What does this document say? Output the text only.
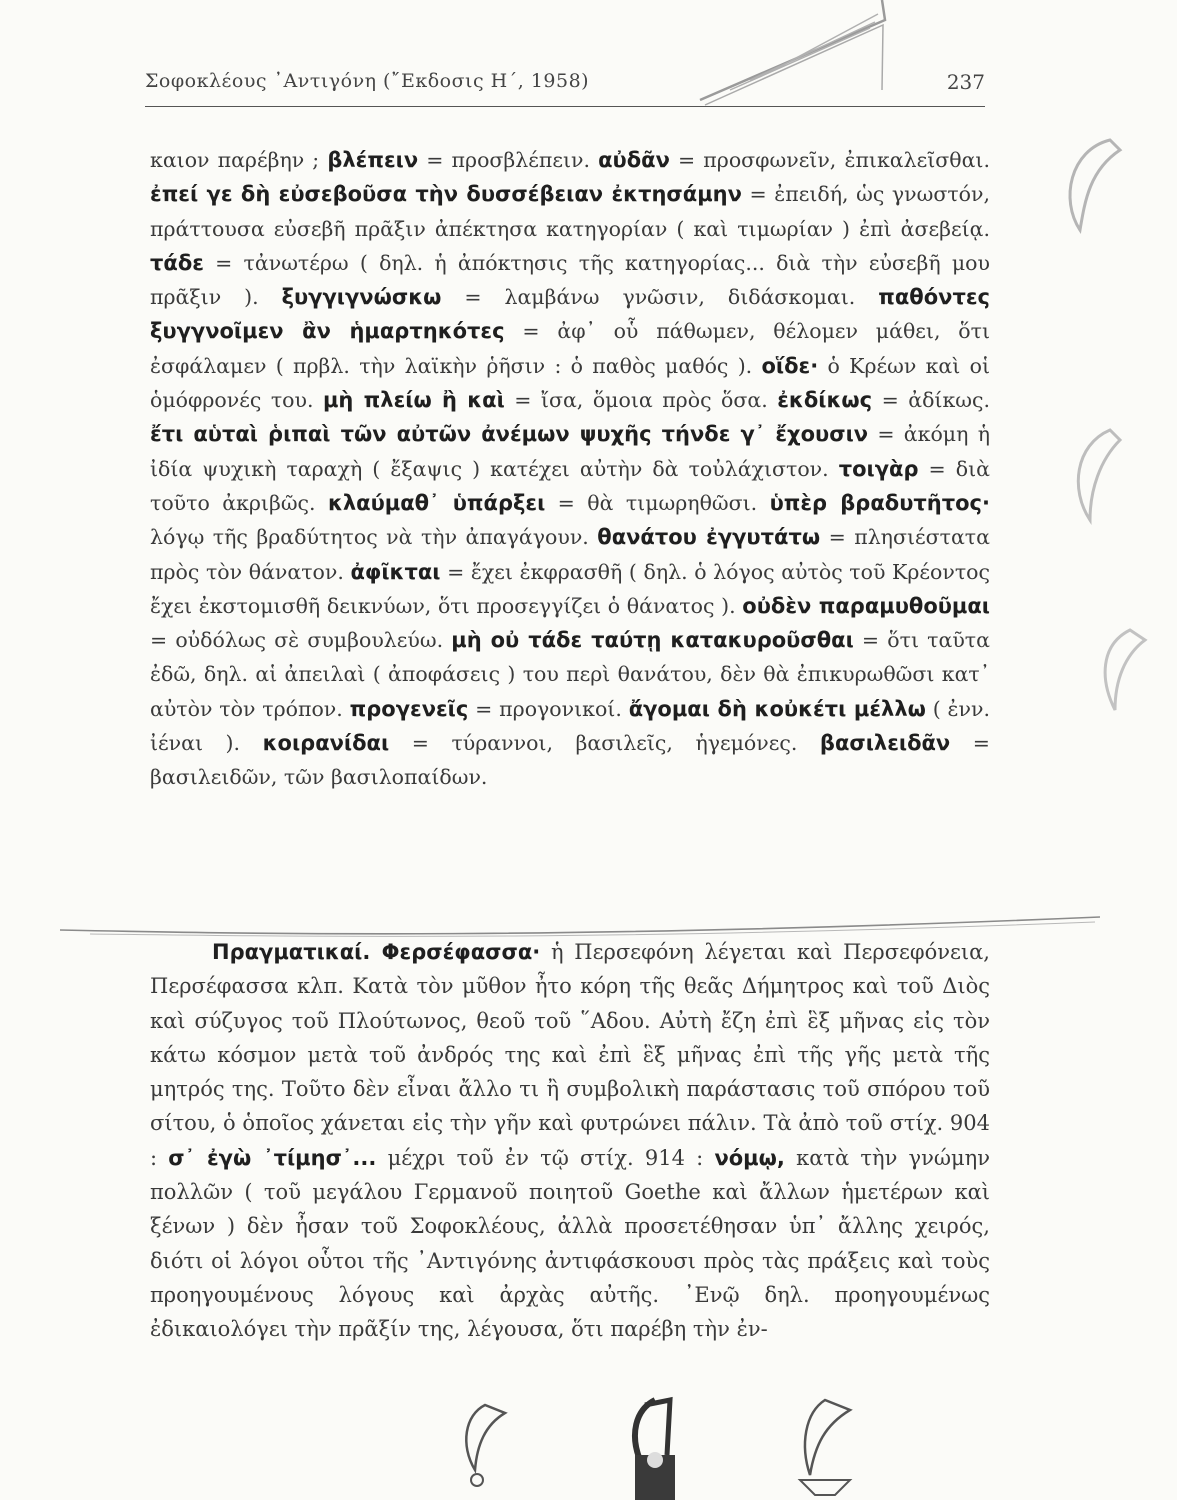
Σοφοκλέους ᾿Αντιγόνη (῎Εκδοσις Η΄, 1958)	237

καιον παρέβην ; βλέπειν = προσβλέπειν. αὐδᾶν = προσφωνεῖν, ἐπικαλεῖσθαι. ἐπεί γε δὴ εὐσεβοῦσα τὴν δυσσέβειαν ἐκτησάμην = ἐπειδή, ὡς γνωστόν, πράττουσα εὐσεβῆ πρᾶξιν ἀπέκτησα κατηγορίαν ( καὶ τιμωρίαν ) ἐπὶ ἀσεβείᾳ. τάδε = τἀνωτέρω ( δηλ. ἡ ἀπόκτησις τῆς κατηγορίας... διὰ τὴν εὐσεβῆ μου πρᾶξιν ). ξυγγιγνώσκω = λαμβάνω γνῶσιν, διδάσκομαι. παθόντες ξυγγνοῖμεν ἂν ἡμαρτηκότες = ἀφ᾿ οὗ πάθωμεν, θέλομεν μάθει, ὅτι ἐσφάλαμεν ( πρβλ. τὴν λαϊκὴν ῥῆσιν : ὁ παθὸς μαθός ). οἵδε· ὁ Κρέων καὶ οἱ ὁμόφρονές του. μὴ πλείω ἢ καὶ = ἴσα, ὅμοια πρὸς ὅσα. ἐκδίκως = ἀδίκως. ἔτι αὑταὶ ῥιπαὶ τῶν αὐτῶν ἀνέμων ψυχῆς τήνδε γ᾿ ἔχουσιν = ἀκόμη ἡ ἰδία ψυχικὴ ταραχὴ ( ἔξαψις ) κατέχει αὐτὴν δὰ τοὐλάχιστον. τοιγὰρ = διὰ τοῦτο ἀκριβῶς. κλαύμαθ᾿ ὑπάρξει = θὰ τιμωρηθῶσι. ὑπὲρ βραδυτῆτος· λόγῳ τῆς βραδύτητος νὰ τὴν ἀπαγάγουν. θανάτου ἐγγυτάτω = πλησιέστατα πρὸς τὸν θάνατον. ἀφῖκται = ἔχει ἐκφρασθῆ ( δηλ. ὁ λόγος αὐτὸς τοῦ Κρέοντος ἔχει ἐκστομισθῆ δεικνύων, ὅτι προσεγγίζει ὁ θάνατος ). οὐδὲν παραμυθοῦμαι = οὐδόλως σὲ συμβουλεύω. μὴ οὐ τάδε ταύτῃ κατακυροῦσθαι = ὅτι ταῦτα ἐδῶ, δηλ. αἱ ἀπειλαὶ ( ἀποφάσεις ) του περὶ θανάτου, δὲν θὰ ἐπικυρωθῶσι κατ᾿ αὐτὸν τὸν τρόπον. προγενεῖς = προγονικοί. ἄγομαι δὴ κοὐκέτι μέλλω ( ἐνν. ἰέναι ). κοιρανίδαι = τύραννοι, βασιλεῖς, ἡγεμόνες. βασιλειδᾶν = βασιλειδῶν, τῶν βασιλοπαίδων.

Πραγματικαί. Φερσέφασσα· ἡ Περσεφόνη λέγεται καὶ Περσεφόνεια, Περσέφασσα κλπ. Κατὰ τὸν μῦθον ἦτο κόρη τῆς θεᾶς Δήμητρος καὶ τοῦ Διὸς καὶ σύζυγος τοῦ Πλούτωνος, θεοῦ τοῦ ῞Αδου. Αὐτὴ ἔζη ἐπὶ ἓξ μῆνας εἰς τὸν κάτω κόσμον μετὰ τοῦ ἀνδρός της καὶ ἐπὶ ἓξ μῆνας ἐπὶ τῆς γῆς μετὰ τῆς μητρός της. Τοῦτο δὲν εἶναι ἄλλο τι ἢ συμβολικὴ παράστασις τοῦ σπόρου τοῦ σίτου, ὁ ὁποῖος χάνεται εἰς τὴν γῆν καὶ φυτρώνει πάλιν. Τὰ ἀπὸ τοῦ στίχ. 904 : σ᾿ ἐγὼ ᾿τίμησ᾿... μέχρι τοῦ ἐν τῷ στίχ. 914 : νόμῳ, κατὰ τὴν γνώμην πολλῶν ( τοῦ μεγάλου Γερμανοῦ ποιητοῦ Goethe καὶ ἄλλων ἡμετέρων καὶ ξένων ) δὲν ἦσαν τοῦ Σοφοκλέους, ἀλλὰ προσετέθησαν ὑπ᾿ ἄλλης χειρός, διότι οἱ λόγοι οὗτοι τῆς ᾿Αντιγόνης ἀντιφάσκουσι πρὸς τὰς πράξεις καὶ τοὺς προηγουμένους λόγους καὶ ἀρχὰς αὐτῆς. ᾿Ενῷ δηλ. προηγουμένως ἐδικαιολόγει τὴν πρᾶξίν της, λέγουσα, ὅτι παρέβη τὴν ἐν-
